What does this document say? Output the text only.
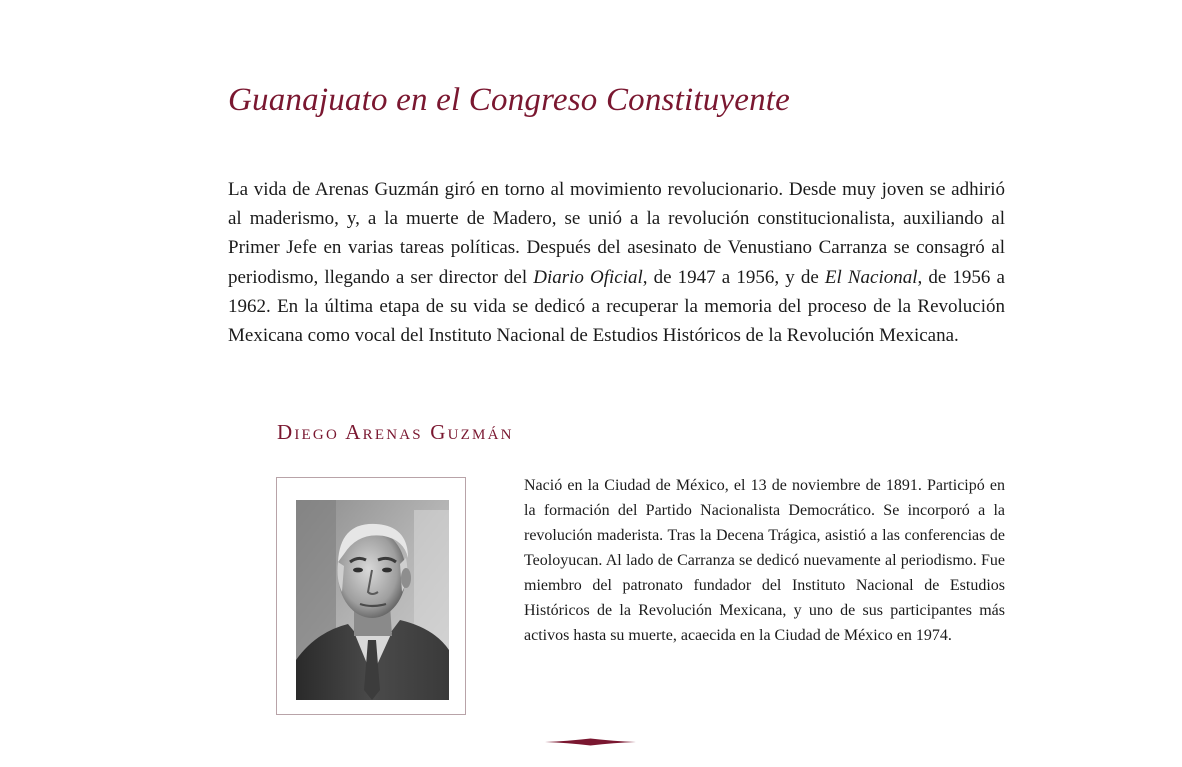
Guanajuato en el Congreso Constituyente

La vida de Arenas Guzmán giró en torno al movimiento revolucionario. Desde muy joven se adhirió al maderismo, y, a la muerte de Madero, se unió a la revolución constitucionalista, auxiliando al Primer Jefe en varias tareas políticas. Después del asesinato de Venustiano Carranza se consagró al periodismo, llegando a ser director del Diario Oficial, de 1947 a 1956, y de El Nacional, de 1956 a 1962. En la última etapa de su vida se dedicó a recuperar la memoria del proceso de la Revolución Mexicana como vocal del Instituto Nacional de Estudios Históricos de la Revolución Mexicana.

Diego Arenas Guzmán

Nació en la Ciudad de México, el 13 de noviembre de 1891. Participó en la formación del Partido Nacionalista Democrático. Se incorporó a la revolución maderista. Tras la Decena Trágica, asistió a las conferencias de Teoloyucan. Al lado de Carranza se dedicó nuevamente al periodismo. Fue miembro del patronato fundador del Instituto Nacional de Estudios Históricos de la Revolución Mexicana, y uno de sus participantes más activos hasta su muerte, acaecida en la Ciudad de México en 1974.
